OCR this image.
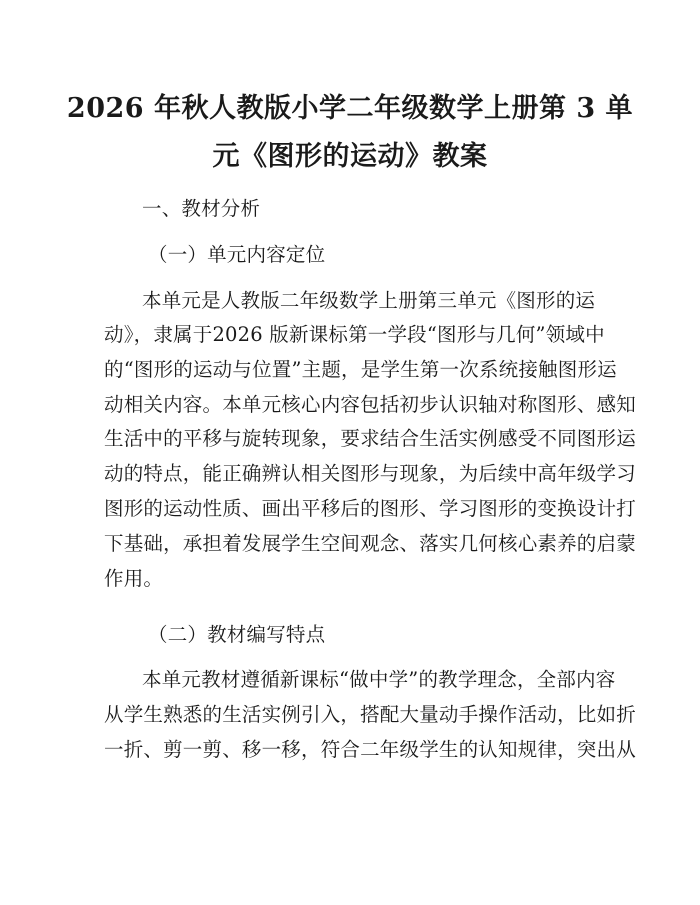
2026 年秋人教版小学二年级数学上册第 3 单
元《图形的运动》教案
一、教材分析
（一）单元内容定位
本单元是人教版二年级数学上册第三单元《图形的运
动》，隶属于2026 版新课标第一学段“图形与几何”领域中
的“图形的运动与位置”主题，是学生第一次系统接触图形运
动相关内容。本单元核心内容包括初步认识轴对称图形、感知
生活中的平移与旋转现象，要求结合生活实例感受不同图形运
动的特点，能正确辨认相关图形与现象，为后续中高年级学习
图形的运动性质、画出平移后的图形、学习图形的变换设计打
下基础，承担着发展学生空间观念、落实几何核心素养的启蒙
作用。
（二）教材编写特点
本单元教材遵循新课标“做中学”的教学理念，全部内容
从学生熟悉的生活实例引入，搭配大量动手操作活动，比如折
一折、剪一剪、移一移，符合二年级学生的认知规律，突出从
